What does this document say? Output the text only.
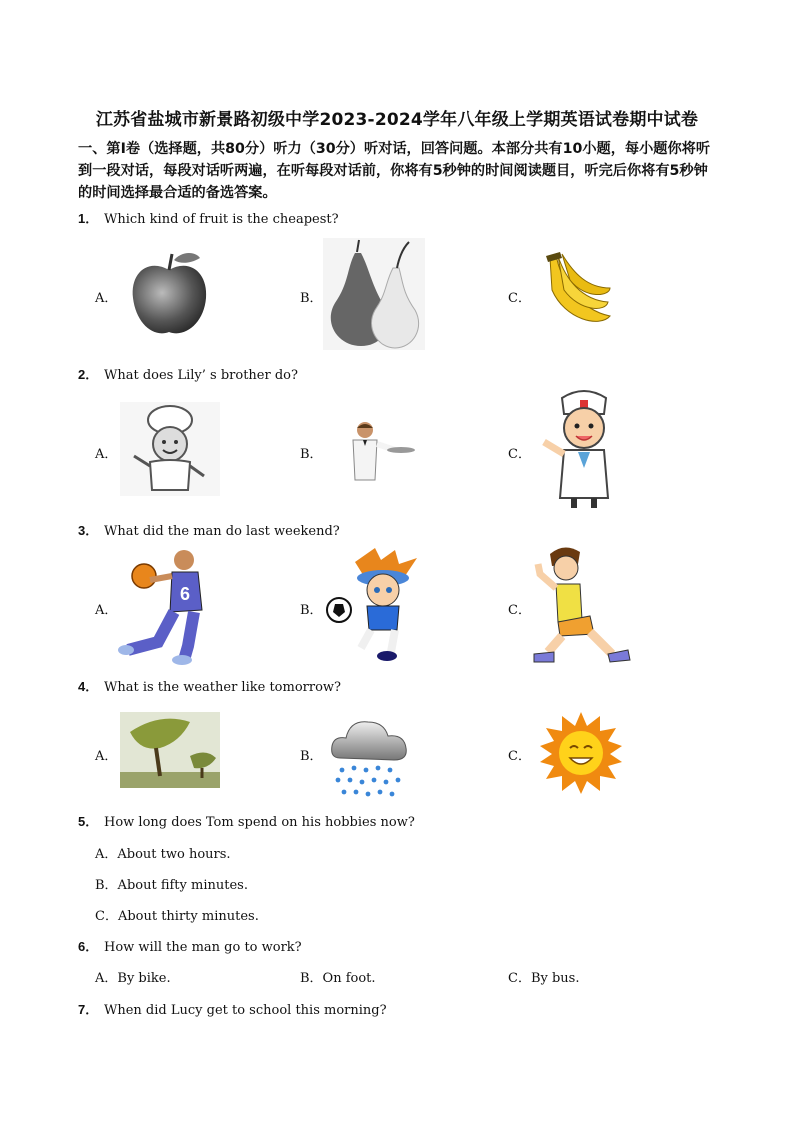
江苏省盐城市新景路初级中学2023-2024学年八年级上学期英语试卷期中试卷
一、第Ⅰ卷（选择题，共80分）听力（30分）听对话，回答问题。本部分共有10小题，每小题你将听到一段对话，每段对话听两遍，在听每段对话前，你将有5秒钟的时间阅读题目，听完后你将有5秒钟的时间选择最合适的备选答案。
1． Which kind of fruit is the cheapest?
A．	B．	C．
2． What does Lily’ s brother do?
A．	B．	C．
3． What did the man do last weekend?
A．	B．	C．
6
4． What is the weather like tomorrow?
A．	B．	C．
5． How long does Tom spend on his hobbies now?
A．About two hours.
B．About fifty minutes.
C．About thirty minutes.
6． How will the man go to work?
A．By bike.	B．On foot.	C．By bus.
7． When did Lucy get to school this morning?
